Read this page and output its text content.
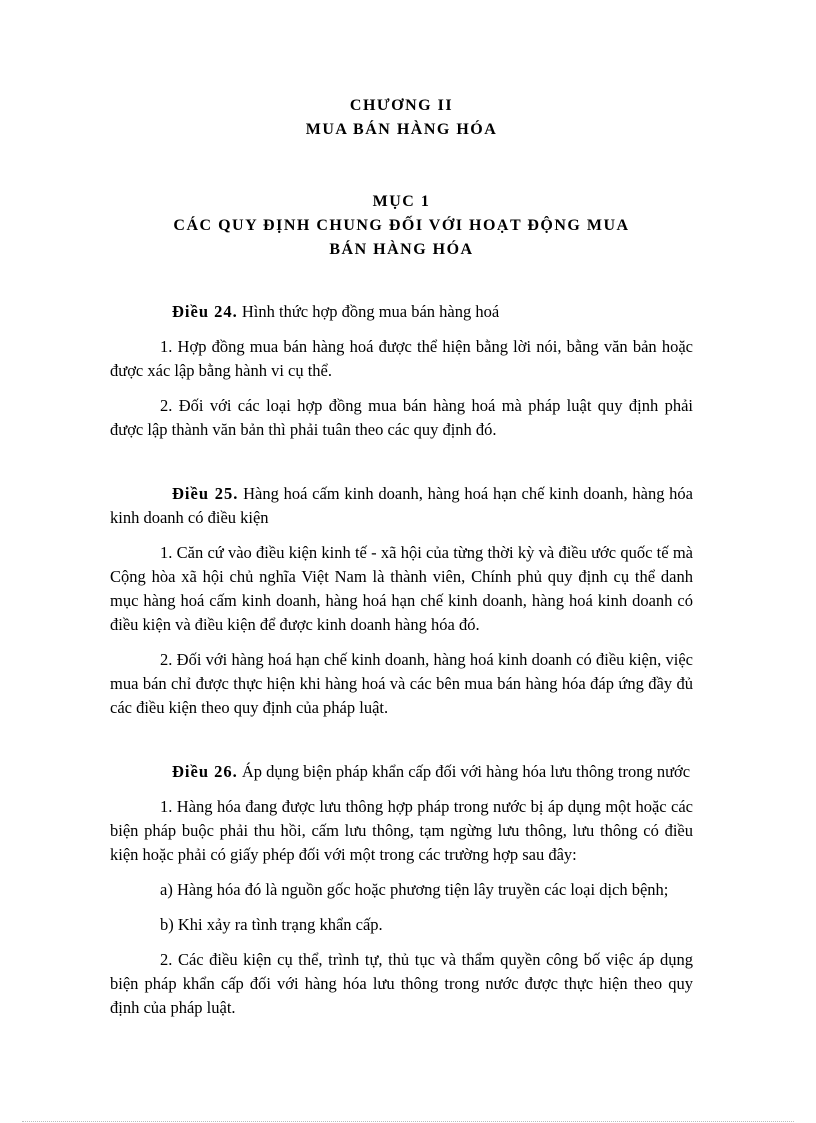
CHƯƠNG II

MUA BÁN HÀNG HÓA

MỤC 1

CÁC QUY ĐỊNH CHUNG ĐỐI VỚI HOẠT ĐỘNG MUA

BÁN HÀNG HÓA

Điều 24. Hình thức hợp đồng mua bán hàng hoá

1. Hợp đồng mua bán hàng hoá được thể hiện bằng lời nói, bằng văn bản hoặc được xác lập bằng hành vi cụ thể.

2. Đối với các loại hợp đồng mua bán hàng hoá mà pháp luật quy định phải được lập thành văn bản thì phải tuân theo các quy định đó.

Điều 25. Hàng hoá cấm kinh doanh, hàng hoá hạn chế kinh doanh, hàng hóa kinh doanh có điều kiện

1. Căn cứ vào điều kiện kinh tế - xã hội của từng thời kỳ và điều ước quốc tế mà Cộng hòa xã hội chủ nghĩa Việt Nam là thành viên, Chính phủ quy định cụ thể danh mục hàng hoá cấm kinh doanh, hàng hoá hạn chế kinh doanh, hàng hoá kinh doanh có điều kiện và điều kiện để được kinh doanh hàng hóa đó.

2. Đối với hàng hoá hạn chế kinh doanh, hàng hoá kinh doanh có điều kiện, việc mua bán chỉ được thực hiện khi hàng hoá và các bên mua bán hàng hóa đáp ứng đầy đủ các điều kiện theo quy định của pháp luật.

Điều 26. Áp dụng biện pháp khẩn cấp đối với hàng hóa lưu thông trong nước

1. Hàng hóa đang được lưu thông hợp pháp trong nước bị áp dụng một hoặc các biện pháp buộc phải thu hồi, cấm lưu thông, tạm ngừng lưu thông, lưu thông có điều kiện hoặc phải có giấy phép đối với một trong các trường hợp sau đây:

a) Hàng hóa đó là nguồn gốc hoặc phương tiện lây truyền các loại dịch bệnh;

b) Khi xảy ra tình trạng khẩn cấp.

2. Các điều kiện cụ thể, trình tự, thủ tục và thẩm quyền công bố việc áp dụng biện pháp khẩn cấp đối với hàng hóa lưu thông trong nước được thực hiện theo quy định của pháp luật.
